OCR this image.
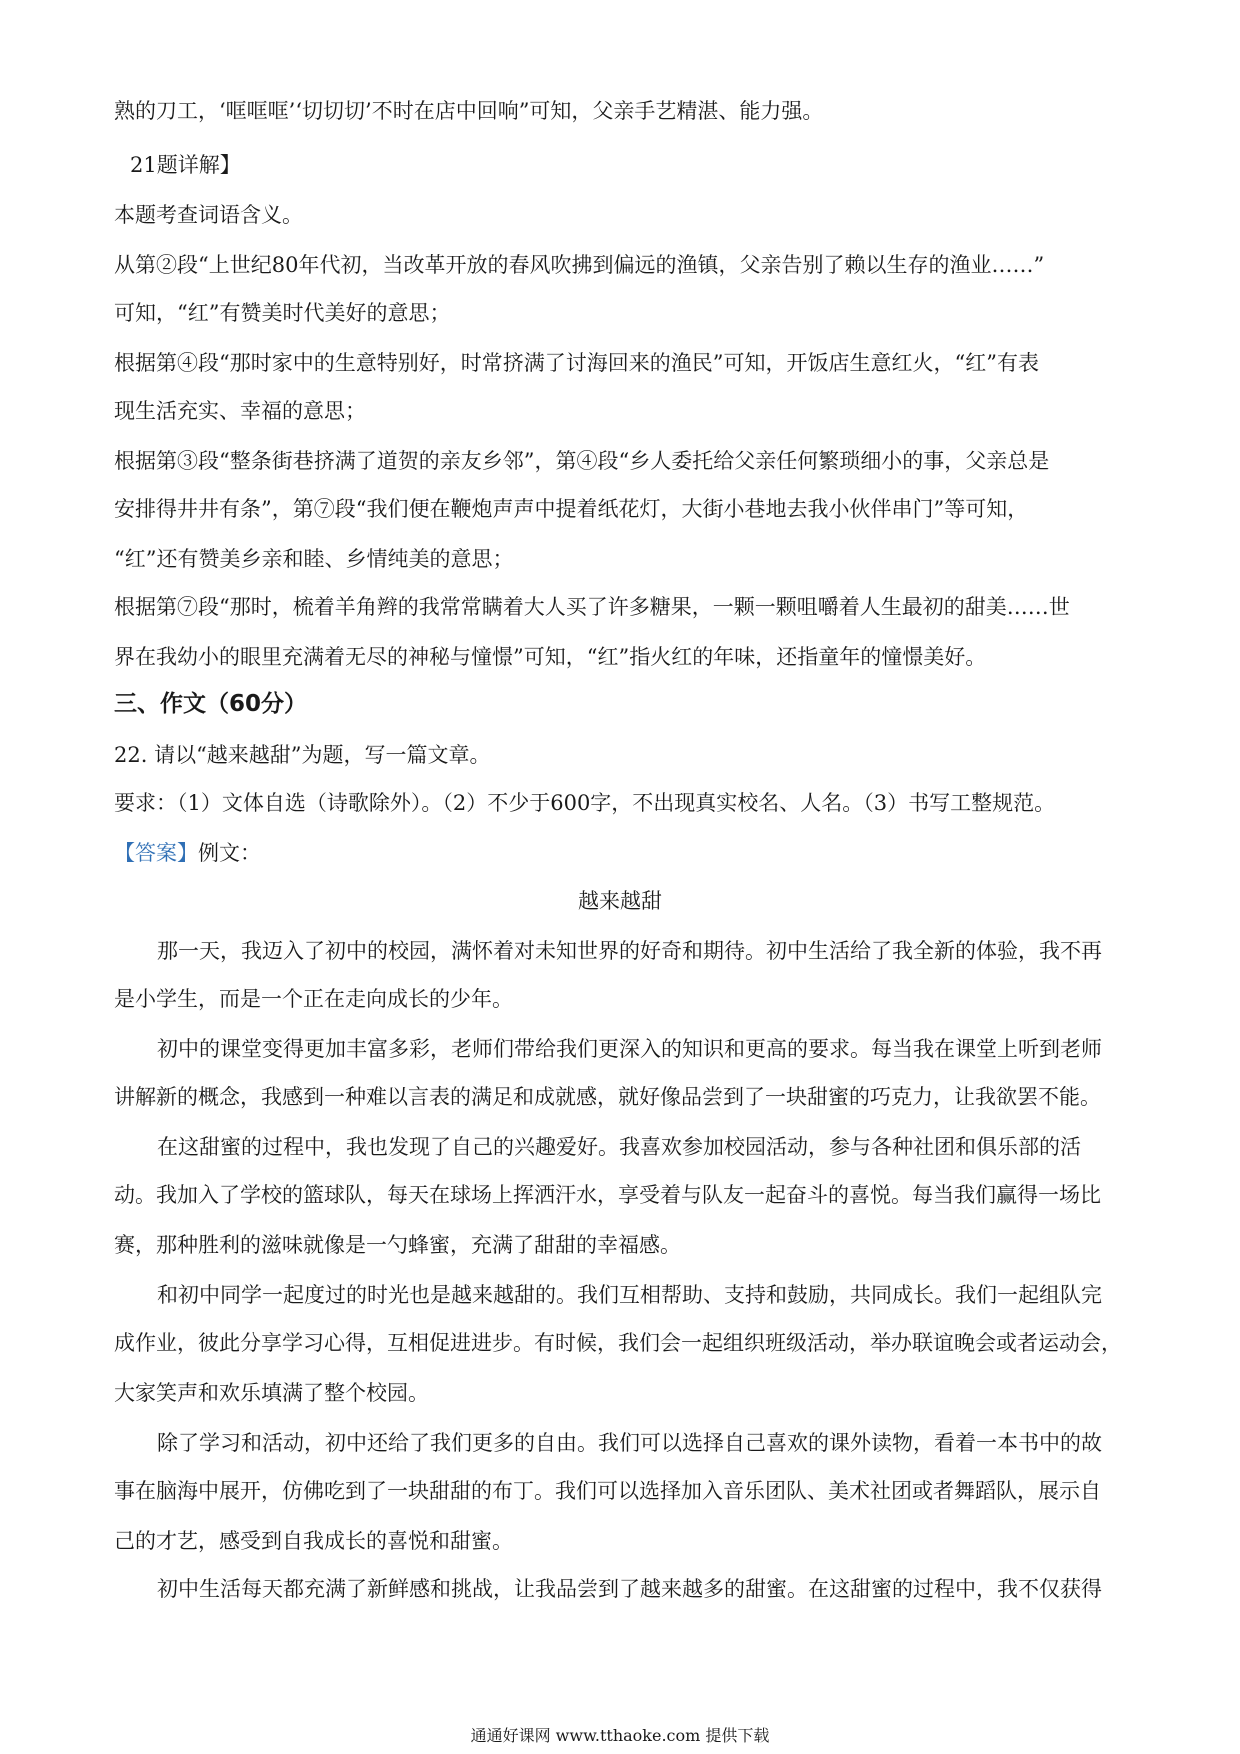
熟的刀工，‘哐哐哐’‘切切切’不时在店中回响”可知，父亲手艺精湛、能力强。
21题详解】
本题考查词语含义。
从第②段“上世纪80年代初，当改革开放的春风吹拂到偏远的渔镇，父亲告别了赖以生存的渔业……”
可知，“红”有赞美时代美好的意思；
根据第④段“那时家中的生意特别好，时常挤满了讨海回来的渔民”可知，开饭店生意红火，“红”有表
现生活充实、幸福的意思；
根据第③段“整条街巷挤满了道贺的亲友乡邻”，第④段“乡人委托给父亲任何繁琐细小的事，父亲总是
安排得井井有条”，第⑦段“我们便在鞭炮声声中提着纸花灯，大街小巷地去我小伙伴串门”等可知，
“红”还有赞美乡亲和睦、乡情纯美的意思；
根据第⑦段“那时，梳着羊角辫的我常常瞒着大人买了许多糖果，一颗一颗咀嚼着人生最初的甜美……世
界在我幼小的眼里充满着无尽的神秘与憧憬”可知，“红”指火红的年味，还指童年的憧憬美好。
三、作文（60分）
22. 请以“越来越甜”为题，写一篇文章。
要求：（1）文体自选（诗歌除外）。（2）不少于600字，不出现真实校名、人名。（3）书写工整规范。
【答案】例文：
越来越甜
那一天，我迈入了初中的校园，满怀着对未知世界的好奇和期待。初中生活给了我全新的体验，我不再
是小学生，而是一个正在走向成长的少年。
初中的课堂变得更加丰富多彩，老师们带给我们更深入的知识和更高的要求。每当我在课堂上听到老师
讲解新的概念，我感到一种难以言表的满足和成就感，就好像品尝到了一块甜蜜的巧克力，让我欲罢不能。
在这甜蜜的过程中，我也发现了自己的兴趣爱好。我喜欢参加校园活动，参与各种社团和俱乐部的活
动。我加入了学校的篮球队，每天在球场上挥洒汗水，享受着与队友一起奋斗的喜悦。每当我们赢得一场比
赛，那种胜利的滋味就像是一勺蜂蜜，充满了甜甜的幸福感。
和初中同学一起度过的时光也是越来越甜的。我们互相帮助、支持和鼓励，共同成长。我们一起组队完
成作业，彼此分享学习心得，互相促进进步。有时候，我们会一起组织班级活动，举办联谊晚会或者运动会，
大家笑声和欢乐填满了整个校园。
除了学习和活动，初中还给了我们更多的自由。我们可以选择自己喜欢的课外读物，看着一本书中的故
事在脑海中展开，仿佛吃到了一块甜甜的布丁。我们可以选择加入音乐团队、美术社团或者舞蹈队，展示自
己的才艺，感受到自我成长的喜悦和甜蜜。
初中生活每天都充满了新鲜感和挑战，让我品尝到了越来越多的甜蜜。在这甜蜜的过程中，我不仅获得
通通好课网 www.tthaoke.com 提供下载
